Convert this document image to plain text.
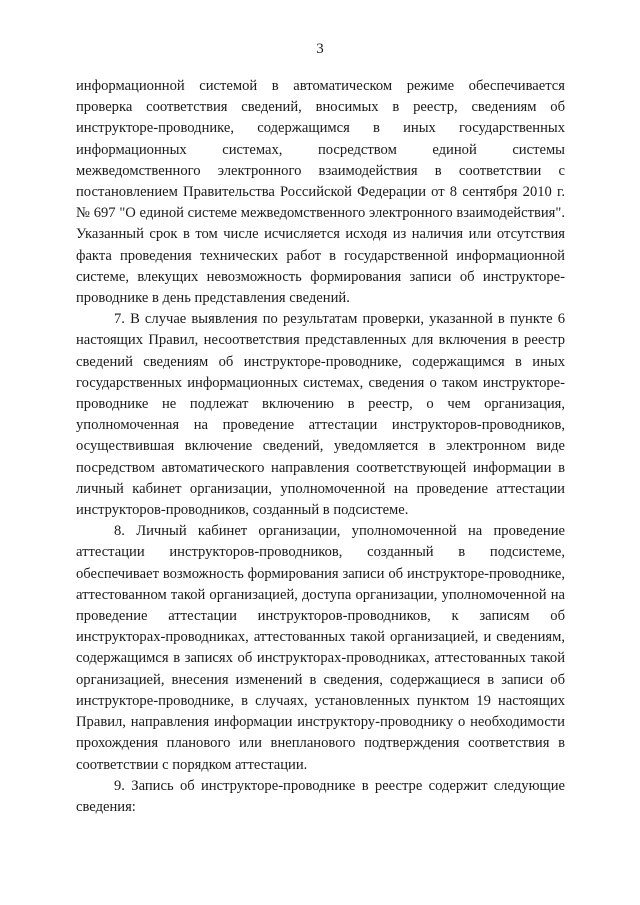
3

информационной системой в автоматическом режиме обеспечивается проверка соответствия сведений, вносимых в реестр, сведениям об инструкторе-проводнике, содержащимся в иных государственных информационных системах, посредством единой системы межведомственного электронного взаимодействия в соответствии с постановлением Правительства Российской Федерации от 8 сентября 2010 г. № 697 "О единой системе межведомственного электронного взаимодействия". Указанный срок в том числе исчисляется исходя из наличия или отсутствия факта проведения технических работ в государственной информационной системе, влекущих невозможность формирования записи об инструкторе-проводнике в день представления сведений.

7. В случае выявления по результатам проверки, указанной в пункте 6 настоящих Правил, несоответствия представленных для включения в реестр сведений сведениям об инструкторе-проводнике, содержащимся в иных государственных информационных системах, сведения о таком инструкторе-проводнике не подлежат включению в реестр, о чем организация, уполномоченная на проведение аттестации инструкторов-проводников, осуществившая включение сведений, уведомляется в электронном виде посредством автоматического направления соответствующей информации в личный кабинет организации, уполномоченной на проведение аттестации инструкторов-проводников, созданный в подсистеме.

8. Личный кабинет организации, уполномоченной на проведение аттестации инструкторов-проводников, созданный в подсистеме, обеспечивает возможность формирования записи об инструкторе-проводнике, аттестованном такой организацией, доступа организации, уполномоченной на проведение аттестации инструкторов-проводников, к записям об инструкторах-проводниках, аттестованных такой организацией, и сведениям, содержащимся в записях об инструкторах-проводниках, аттестованных такой организацией, внесения изменений в сведения, содержащиеся в записи об инструкторе-проводнике, в случаях, установленных пунктом 19 настоящих Правил, направления информации инструктору-проводнику о необходимости прохождения планового или внепланового подтверждения соответствия в соответствии с порядком аттестации.

9. Запись об инструкторе-проводнике в реестре содержит следующие сведения:
